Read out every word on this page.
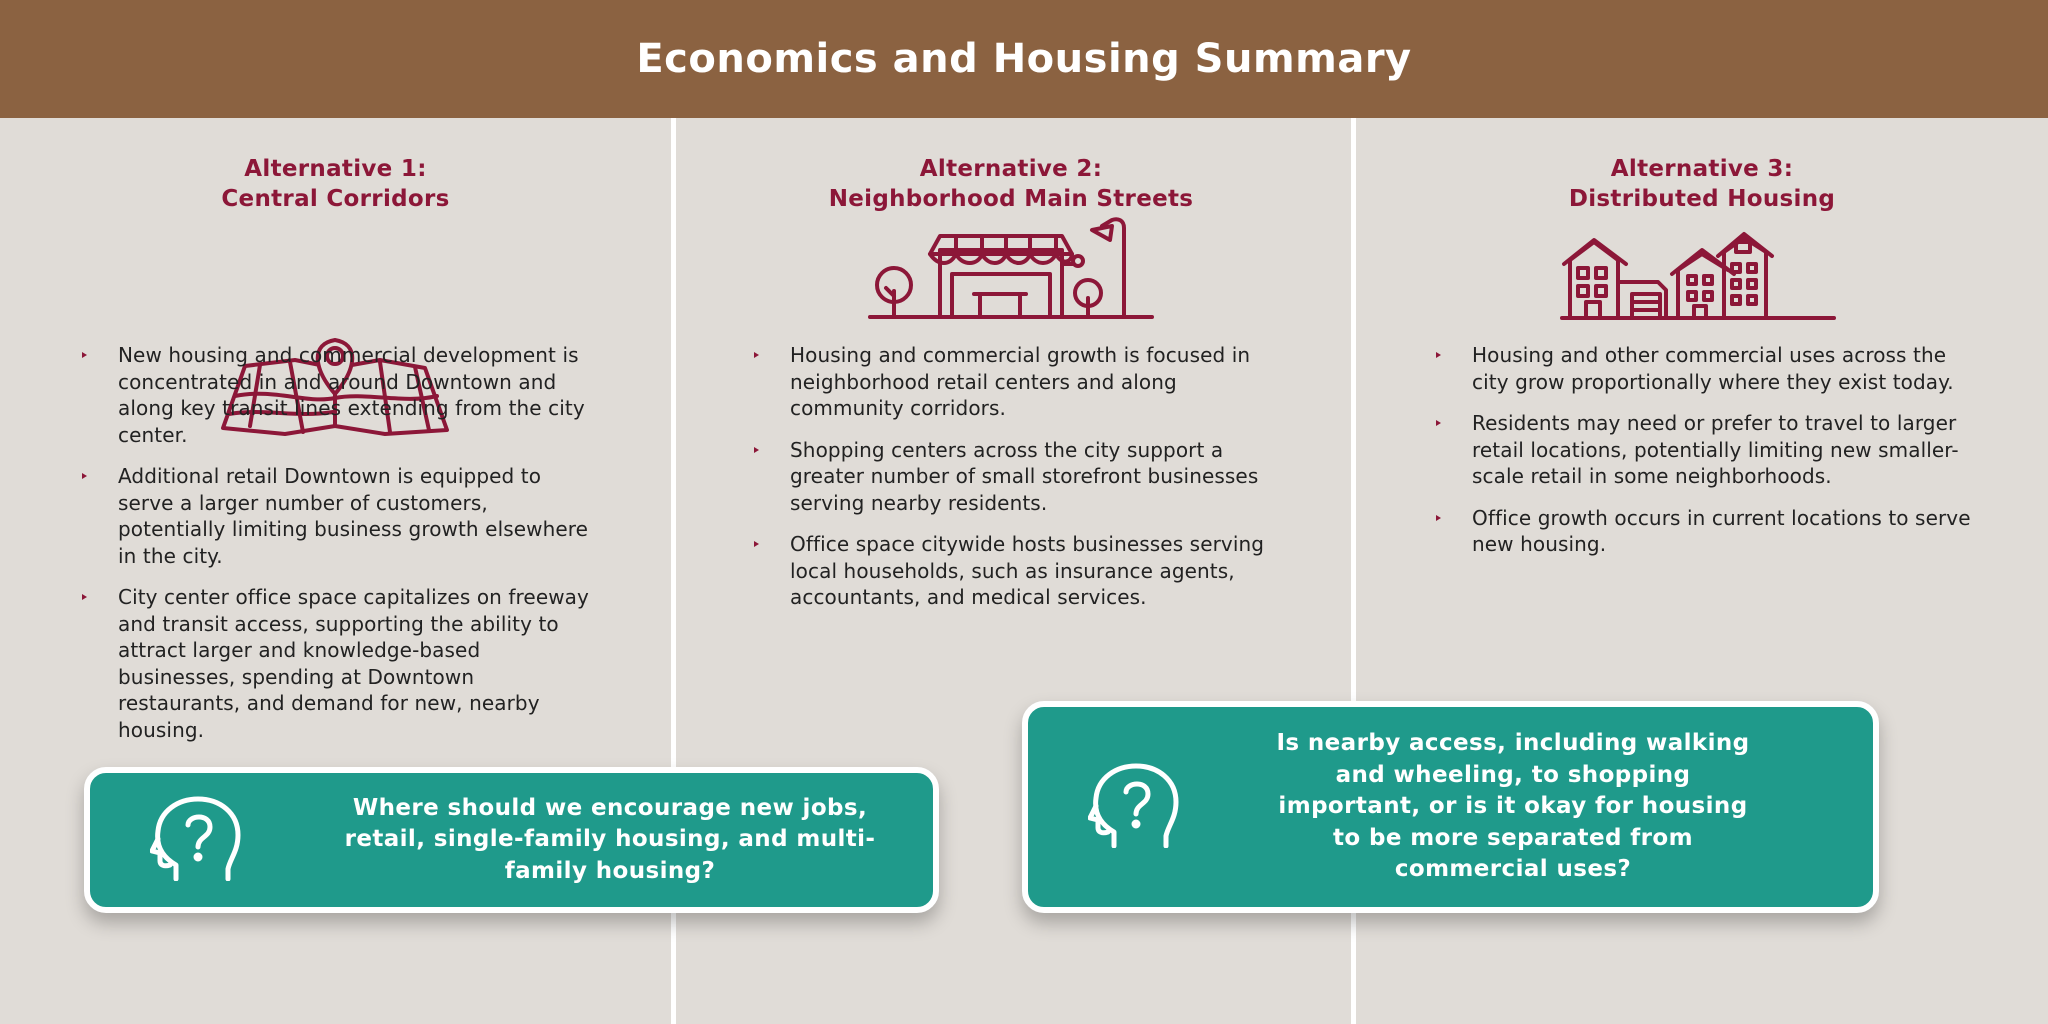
Economics and Housing Summary
Alternative 1:
Central Corridors
New housing and commercial development is concentrated in and around Downtown and along key transit lines extending from the city center.
Additional retail Downtown is equipped to serve a larger number of customers, potentially limiting business growth elsewhere in the city.
City center office space capitalizes on freeway and transit access, supporting the ability to attract larger and knowledge-based businesses, spending at Downtown restaurants, and demand for new, nearby housing.
Alternative 2:
Neighborhood Main Streets
Housing and commercial growth is focused in neighborhood retail centers and along community corridors.
Shopping centers across the city support a greater number of small storefront businesses serving nearby residents.
Office space citywide hosts businesses serving local households, such as insurance agents, accountants, and medical services.
Alternative 3:
Distributed Housing
Housing and other commercial uses across the city grow proportionally where they exist today.
Residents may need or prefer to travel to larger retail locations, potentially limiting new smaller-scale retail in some neighborhoods.
Office growth occurs in current locations to serve new housing.
Where should we encourage new jobs, retail, single-family housing, and multi-family housing?
Is nearby access, including walking and wheeling, to shopping important, or is it okay for housing to be more separated from commercial uses?
